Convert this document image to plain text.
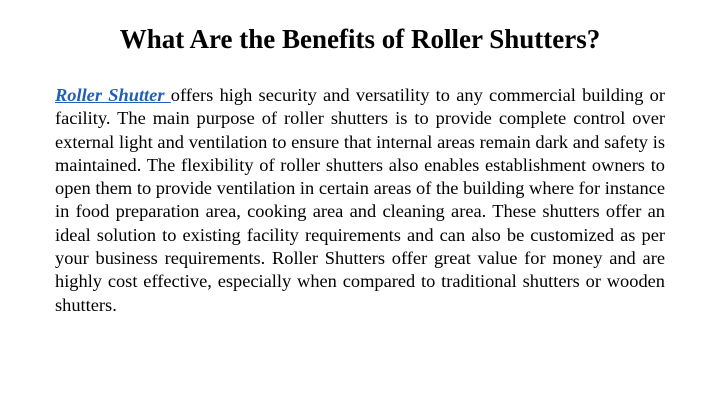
What Are the Benefits of Roller Shutters?

Roller Shutter offers high security and versatility to any commercial building or facility. The main purpose of roller shutters is to provide complete control over external light and ventilation to ensure that internal areas remain dark and safety is maintained. The flexibility of roller shutters also enables establishment owners to open them to provide ventilation in certain areas of the building where for instance in food preparation area, cooking area and cleaning area. These shutters offer an ideal solution to existing facility requirements and can also be customized as per your business requirements. Roller Shutters offer great value for money and are highly cost effective, especially when compared to traditional shutters or wooden shutters.
